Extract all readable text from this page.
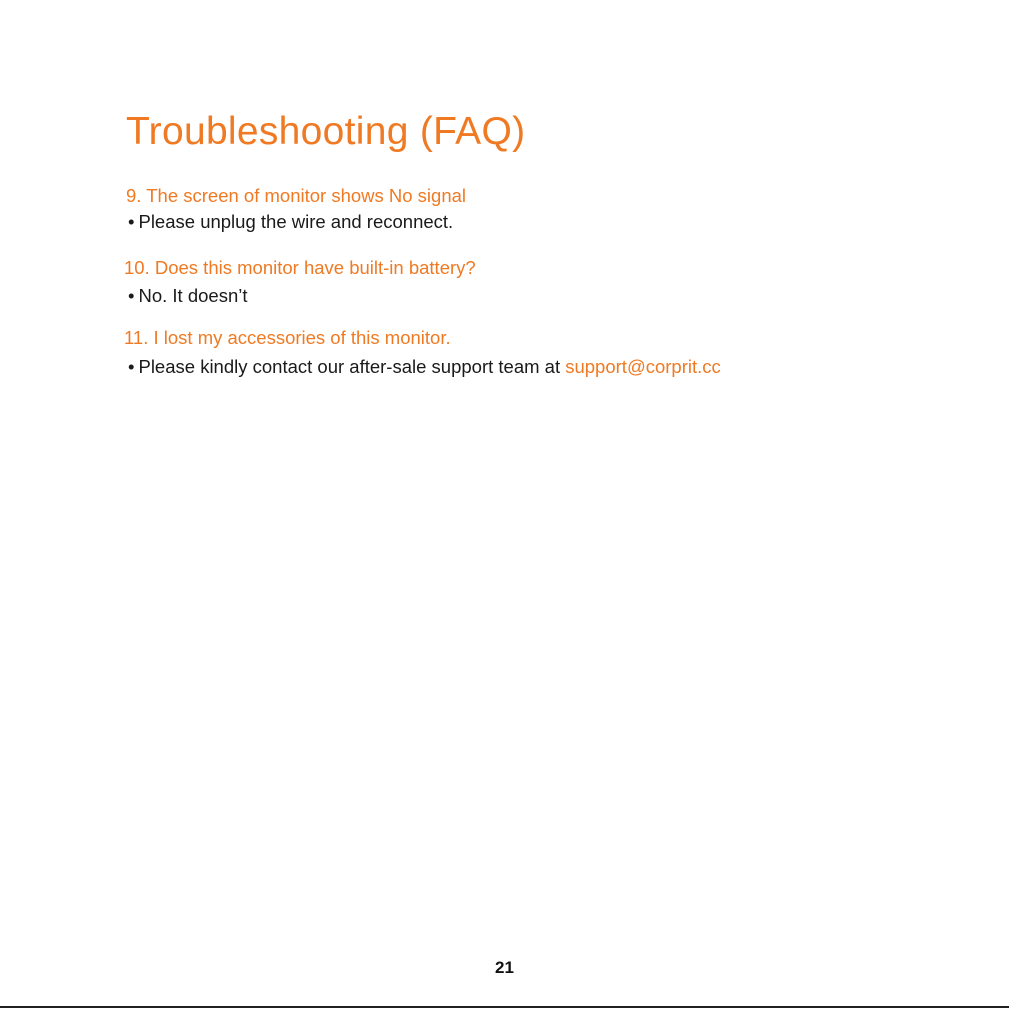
Troubleshooting (FAQ)

9. The screen of monitor shows No signal

• Please unplug the wire and reconnect.

10. Does this monitor have built-in battery?

• No. It doesn’t

11. I lost my accessories of this monitor.

• Please kindly contact our after-sale support team at support@corprit.cc

21
